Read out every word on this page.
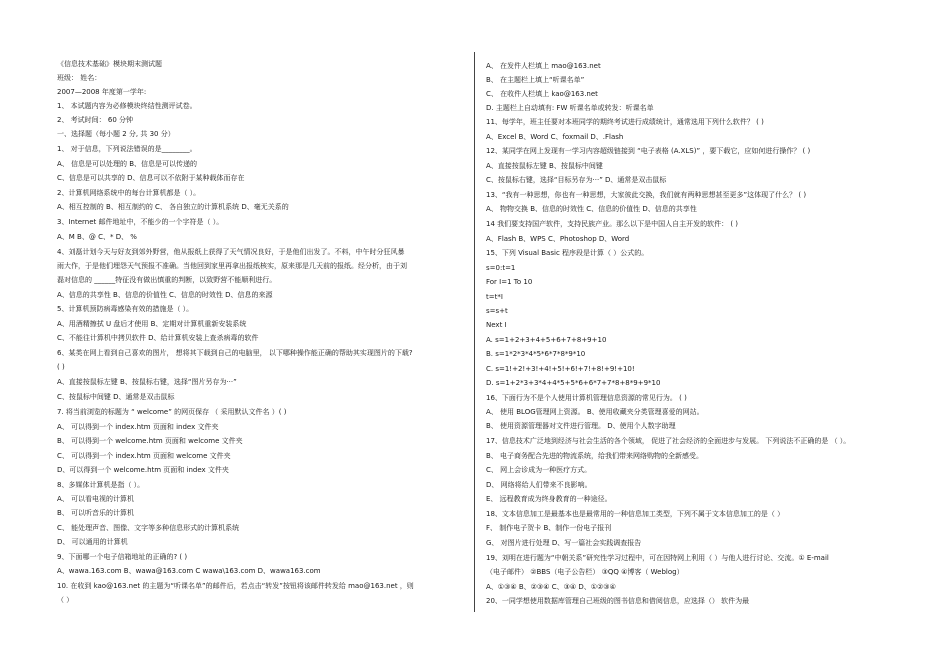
《信息技术基础》模块期末测试题
班级： 姓名：
2007—2008 年度第一学年:
1、 本试题内容为必修模块终结性测评试卷。
2、 考试时间： 60 分钟
一、选择题（每小题 2 分, 共 30 分）
1、 对于信息，下列说法错误的是________。
A、 信息是可以处理的 B、信息是可以传递的
C、信息是可以共享的 D、信息可以不依附于某种载体而存在
2、计算机网络系统中的每台计算机都是（ ）。
A、相互控制的 B、相互制约的 C、 各自独立的计算机系统 D、毫无关系的
3、Internet 邮件地址中，不能少的一个字符是（ ）。
A、M B、@ C、* D、 %
4、刘磊计划今天与好友到郊外野营，他从报纸上获得了天气情况良好，于是他们出发了。不料，中午时分狂风暴
雨大作，于是他们埋怨天气预报不准确。当他回到家里再拿出报纸核实，原来那是几天前的报纸。经分析，由于刘
磊对信息的 ______特征没有做出慎重的判断，以致野营不能顺利进行。
A、信息的共享性 B、信息的价值性 C、信息的时效性 D、信息的来源
5、计算机预防病毒感染有效的措施是（ ）。
A、用酒精擦拭 U 盘后才使用 B、定期对计算机重新安装系统
C、不能往计算机中拷贝软件 D、给计算机安装上查杀病毒的软件
6、某类在网上看到自己喜欢的图片， 想将其下载到自己的电脑里， 以下哪种操作能正确的帮助其实现图片的下载?
( )
A、直接按鼠标左键 B、按鼠标右键，选择“图片另存为···”
C、按鼠标中间键 D、通常是双击鼠标
7. 将当前浏览的标题为 “ welcome” 的网页保存 （ 采用默认文件名 ）( )
A、 可以得到一个 index.htm 页面和 index 文件夹
B、 可以得到一个 welcome.htm 页面和 welcome 文件夹
C、 可以得到一个 index.htm 页面和 welcome 文件夹
D、可以得到一个 welcome.htm 页面和 index 文件夹
8、多媒体计算机是指（ ）。
A、 可以看电视的计算机
B、 可以听音乐的计算机
C、 能处理声音、图像、文字等多种信息形式的计算机系统
D、 可以通用的计算机
9、下面哪一个电子信箱地址的正确的? ( )
A、wawa.163.com B、wawa@163.com C wawa\163.com D、wawa163.com
10. 在收到 kao@163.net 的主题为“听课名单”的邮件后，若点击“转发”按钮将该邮件转发给 mao@163.net ，则
（ ）
A、 在发件人栏填上 mao@163.net
B、 在主题栏上填上“听课名单”
C、 在收件人栏填上 kao@163.net
D. 主题栏上自动填有: FW 听课名单或转发：听课名单
11、每学年，班主任要对本班同学的期终考试进行成绩统计，通常选用下列什么软件？ ( )
A、Excel B、Word C、foxmail D、.Flash
12、某同学在网上发现有一学习内容超级链接到 “电子表格 (A.XLS)” ，要下载它，应如何进行操作？ ( )
A、直接按鼠标左键 B、按鼠标中间键
C、按鼠标右键，选择“目标另存为···” D、通常是双击鼠标
13、“我有一种思想，你也有一种思想，大家彼此交换，我们就有两种思想甚至更多”这体现了什么？ ( )
A、 物物交换 B、信息的时效性 C、信息的价值性 D、信息的共享性
14 我们要支持国产软件，支持民族产业。那么以下是中国人自主开发的软件： ( )
A、Flash B、WPS C、Photoshop D、Word
15、下列 Visual Basic 程序段是计算（ ）公式的。
s=0:t=1
For I=1 To 10
t=t*I
s=s+t
Next I
A. s=1+2+3+4+5+6+7+8+9+10
B. s=1*2*3*4*5*6*7*8*9*10
C. s=1!+2!+3!+4!+5!+6!+7!+8!+9!+10!
D. s=1+2*3+3*4+4*5+5*6+6*7+7*8+8*9+9*10
16、下面行为不是个人使用计算机管理信息资源的常见行为。 ( )
A、 使用 BLOG管理网上资源。 B、使用收藏夹分类管理喜爱的网站。
B、 使用资源管理器对文件进行管理。 D、使用个人数字助理
17、信息技术广泛地到经济与社会生活的各个领域， 促进了社会经济的全面进步与发展。 下列说法不正确的是 （ ）。
B、 电子商务配合先进的物流系统，给我们带来网络购物的全新感受。
C、 网上会诊成为一种医疗方式。
D、 网络将给人们带来不良影响。
E、 远程教育成为终身教育的一种途径。
18、文本信息加工是最基本也是最常用的一种信息加工类型，下列不属于文本信息加工的是（ ）
F、 制作电子贺卡 B、制作一份电子报刊
G、 对图片进行处理 D、写一篇社会实践调查报告
19、刘明在进行题为“中朝关系”研究性学习过程中，可在因特网上利用（ ）与他人进行讨论、交流。① E-mail
（电子邮件） ②BBS（电子公告栏） ③QQ ④博客（ Weblog）
A、①③④ B、②③④ C、③④ D、①②③④
20、一同学想使用数据库管理自己班级的图书信息和借阅信息，应选择（） 软件为最
